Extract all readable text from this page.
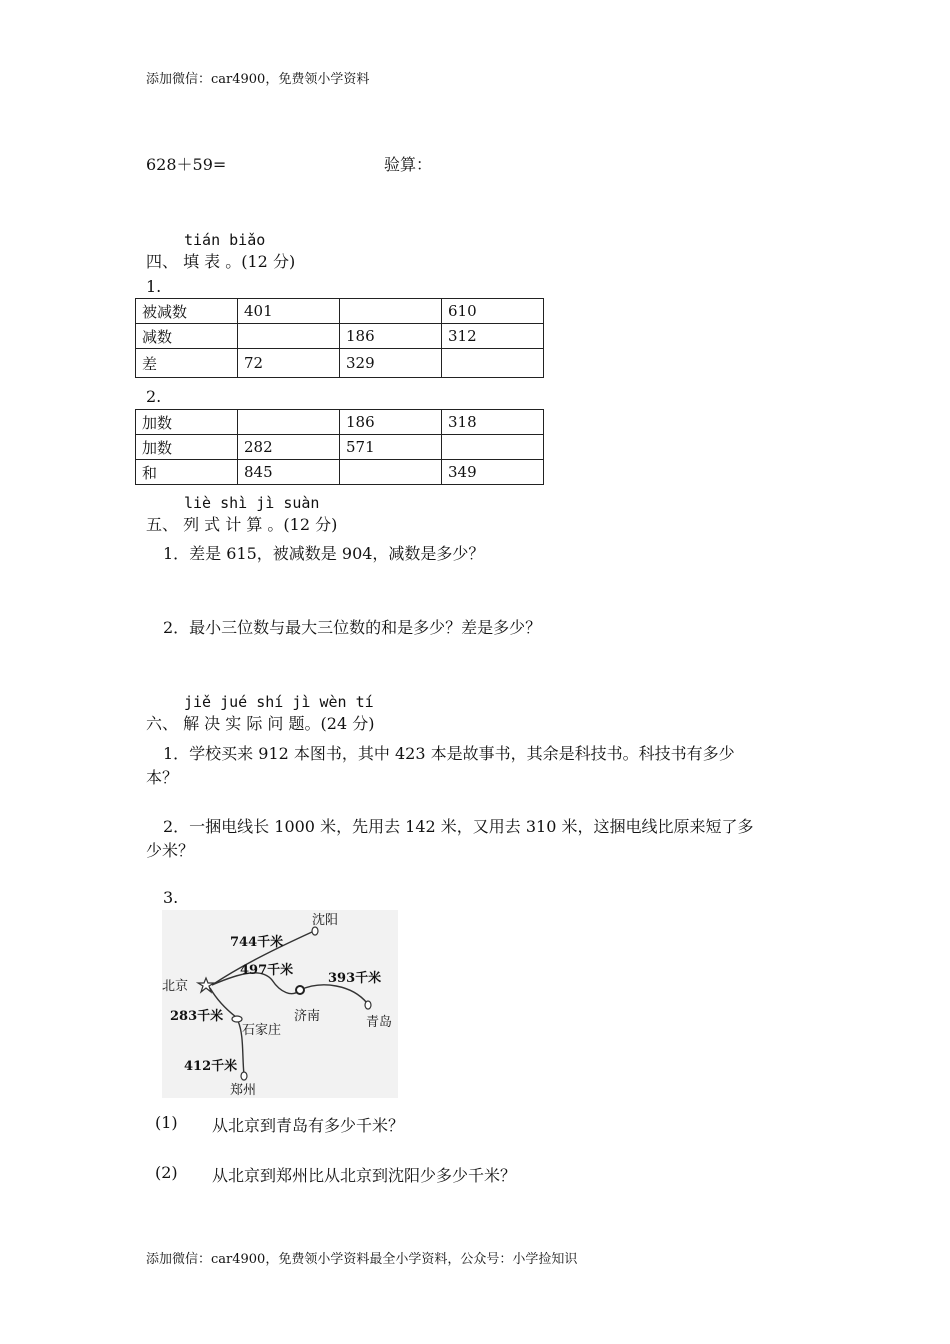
添加微信：car4900，免费领小学资料
628＋59=	验算：
tián biǎo
四、 填 表 。(12 分)
1.
被减数	401		610
减数		186	312
差	72	329	
2.
加数		186	318
加数	282	571	
和	845		349
liè shì jì suàn
五、 列 式 计 算 。(12 分)
1．差是 615，被减数是 904，减数是多少？
2．最小三位数与最大三位数的和是多少？差是多少？
jiě jué shí jì wèn tí
六、 解 决 实 际 问 题。(24 分)
1．学校买来 912 本图书，其中 423 本是故事书，其余是科技书。科技书有多少
本？
2．一捆电线长 1000 米，先用去 142 米，又用去 310 米，这捆电线比原来短了多
少米？
3.
沈阳
744千米
497千米
393千米
北京
济南	青岛
283千米
石家庄
412千米
郑州
(1) 从北京到青岛有多少千米？
(2) 从北京到郑州比从北京到沈阳少多少千米？
添加微信：car4900，免费领小学资料最全小学资料，公众号：小学捡知识
